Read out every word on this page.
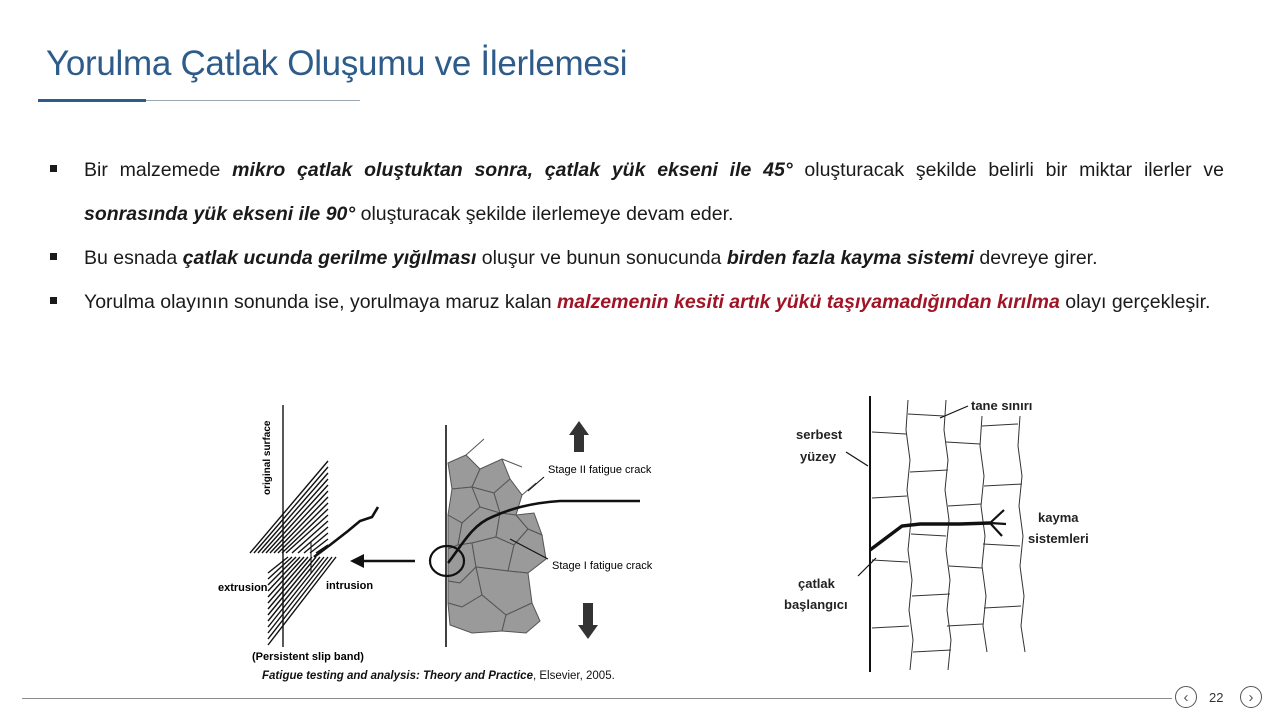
Yorulma Çatlak Oluşumu ve İlerlemesi
Bir malzemede mikro çatlak oluştuktan sonra, çatlak yük ekseni ile 45° oluşturacak şekilde belirli bir miktar ilerler ve sonrasında yük ekseni ile 90° oluşturacak şekilde ilerlemeye devam eder.
Bu esnada çatlak ucunda gerilme yığılması oluşur ve bunun sonucunda birden fazla kayma sistemi devreye girer.
Yorulma olayının sonunda ise, yorulmaya maruz kalan malzemenin kesiti artık yükü taşıyamadığından kırılma olayı gerçekleşir.
original surface
extrusion	intrusion
(Persistent slip band)
Stage II fatigue crack
Stage I fatigue crack
Fatigue testing and analysis: Theory and Practice, Elsevier, 2005.
tane sınırı
serbest
yüzey
kayma
sistemleri
çatlak
başlangıcı
‹ 22 ›
